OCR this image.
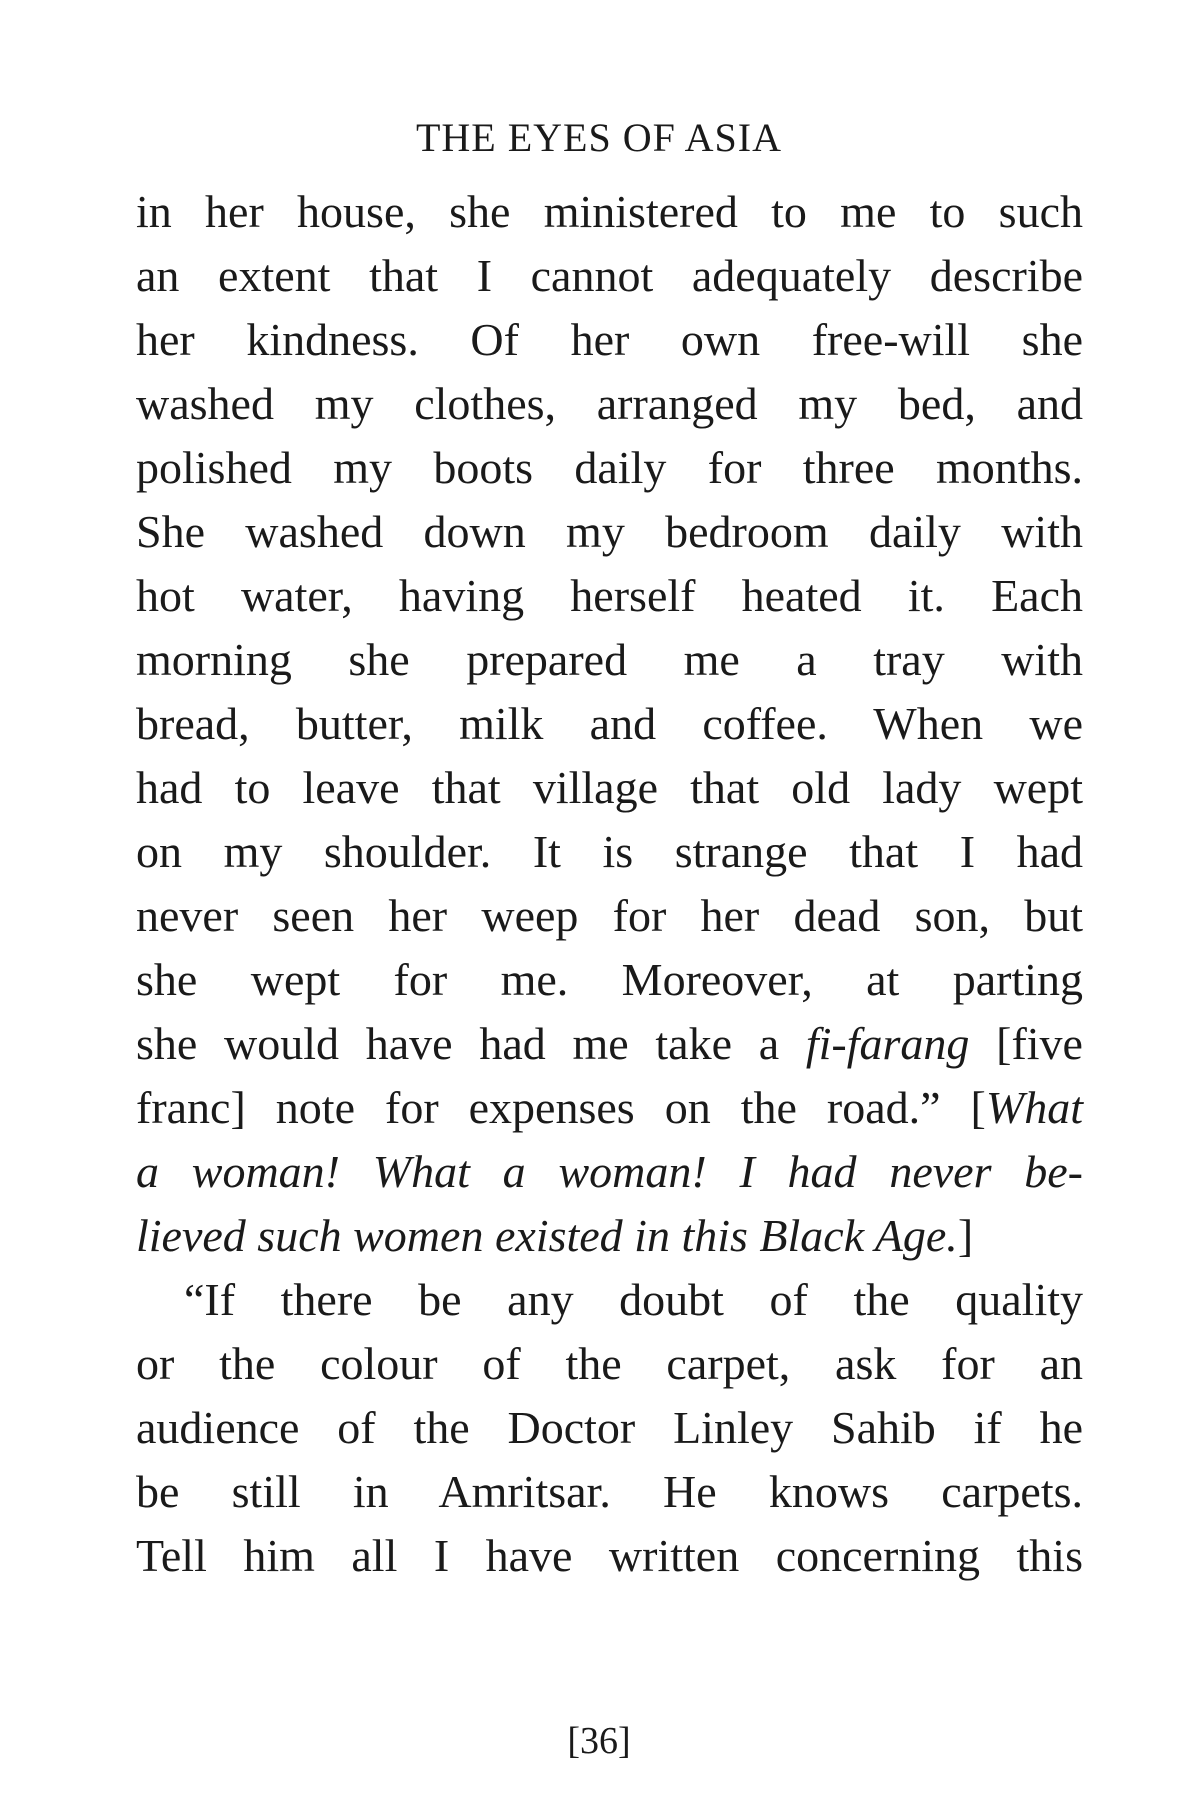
THE EYES OF ASIA
in her house, she ministered to me to such
an extent that I cannot adequately describe
her kindness. Of her own free-will she
washed my clothes, arranged my bed, and
polished my boots daily for three months.
She washed down my bedroom daily with
hot water, having herself heated it. Each
morning she prepared me a tray with
bread, butter, milk and coffee. When we
had to leave that village that old lady wept
on my shoulder. It is strange that I had
never seen her weep for her dead son, but
she wept for me. Moreover, at parting
she would have had me take a fi-farang [five
franc] note for expenses on the road.” [What
a woman! What a woman! I had never be-
lieved such women existed in this Black Age.]
“If there be any doubt of the quality
or the colour of the carpet, ask for an
audience of the Doctor Linley Sahib if he
be still in Amritsar. He knows carpets.
Tell him all I have written concerning this
[36]
